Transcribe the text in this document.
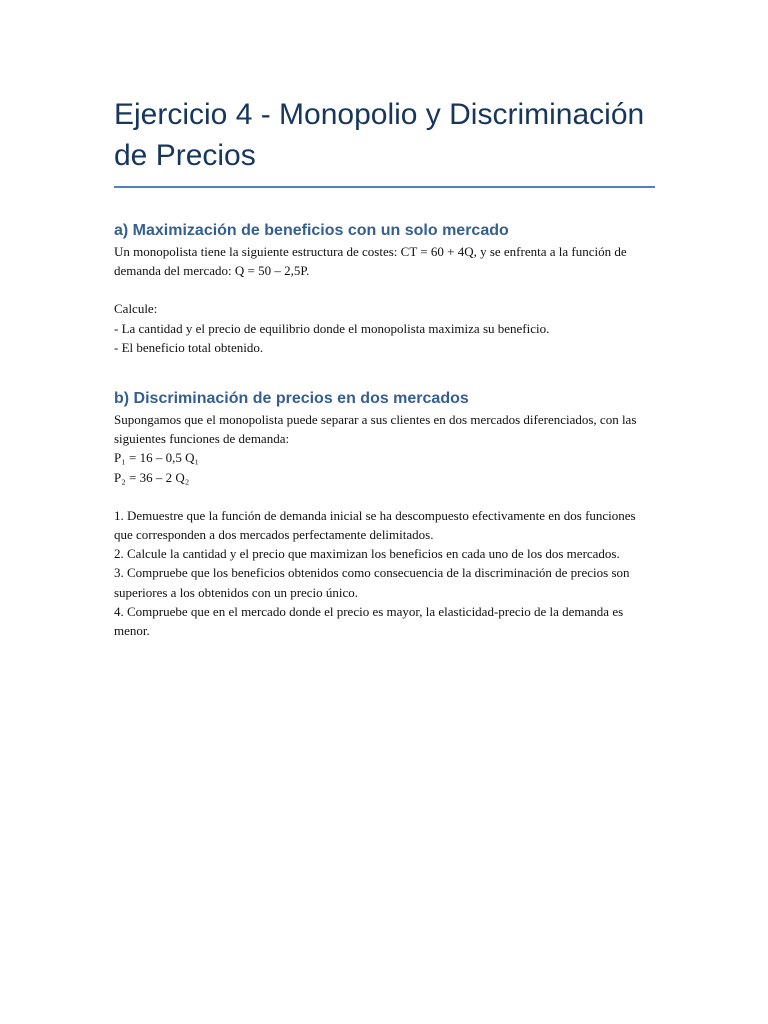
Ejercicio 4 - Monopolio y Discriminación de Precios
a) Maximización de beneficios con un solo mercado

Un monopolista tiene la siguiente estructura de costes: CT = 60 + 4Q, y se enfrenta a la función de demanda del mercado: Q = 50 – 2,5P.

Calcule:
- La cantidad y el precio de equilibrio donde el monopolista maximiza su beneficio.
- El beneficio total obtenido.

b) Discriminación de precios en dos mercados

Supongamos que el monopolista puede separar a sus clientes en dos mercados diferenciados, con las siguientes funciones de demanda:
P₁ = 16 – 0,5 Q₁
P₂ = 36 – 2 Q₂

1. Demuestre que la función de demanda inicial se ha descompuesto efectivamente en dos funciones que corresponden a dos mercados perfectamente delimitados.
2. Calcule la cantidad y el precio que maximizan los beneficios en cada uno de los dos mercados.
3. Compruebe que los beneficios obtenidos como consecuencia de la discriminación de precios son superiores a los obtenidos con un precio único.
4. Compruebe que en el mercado donde el precio es mayor, la elasticidad-precio de la demanda es menor.
